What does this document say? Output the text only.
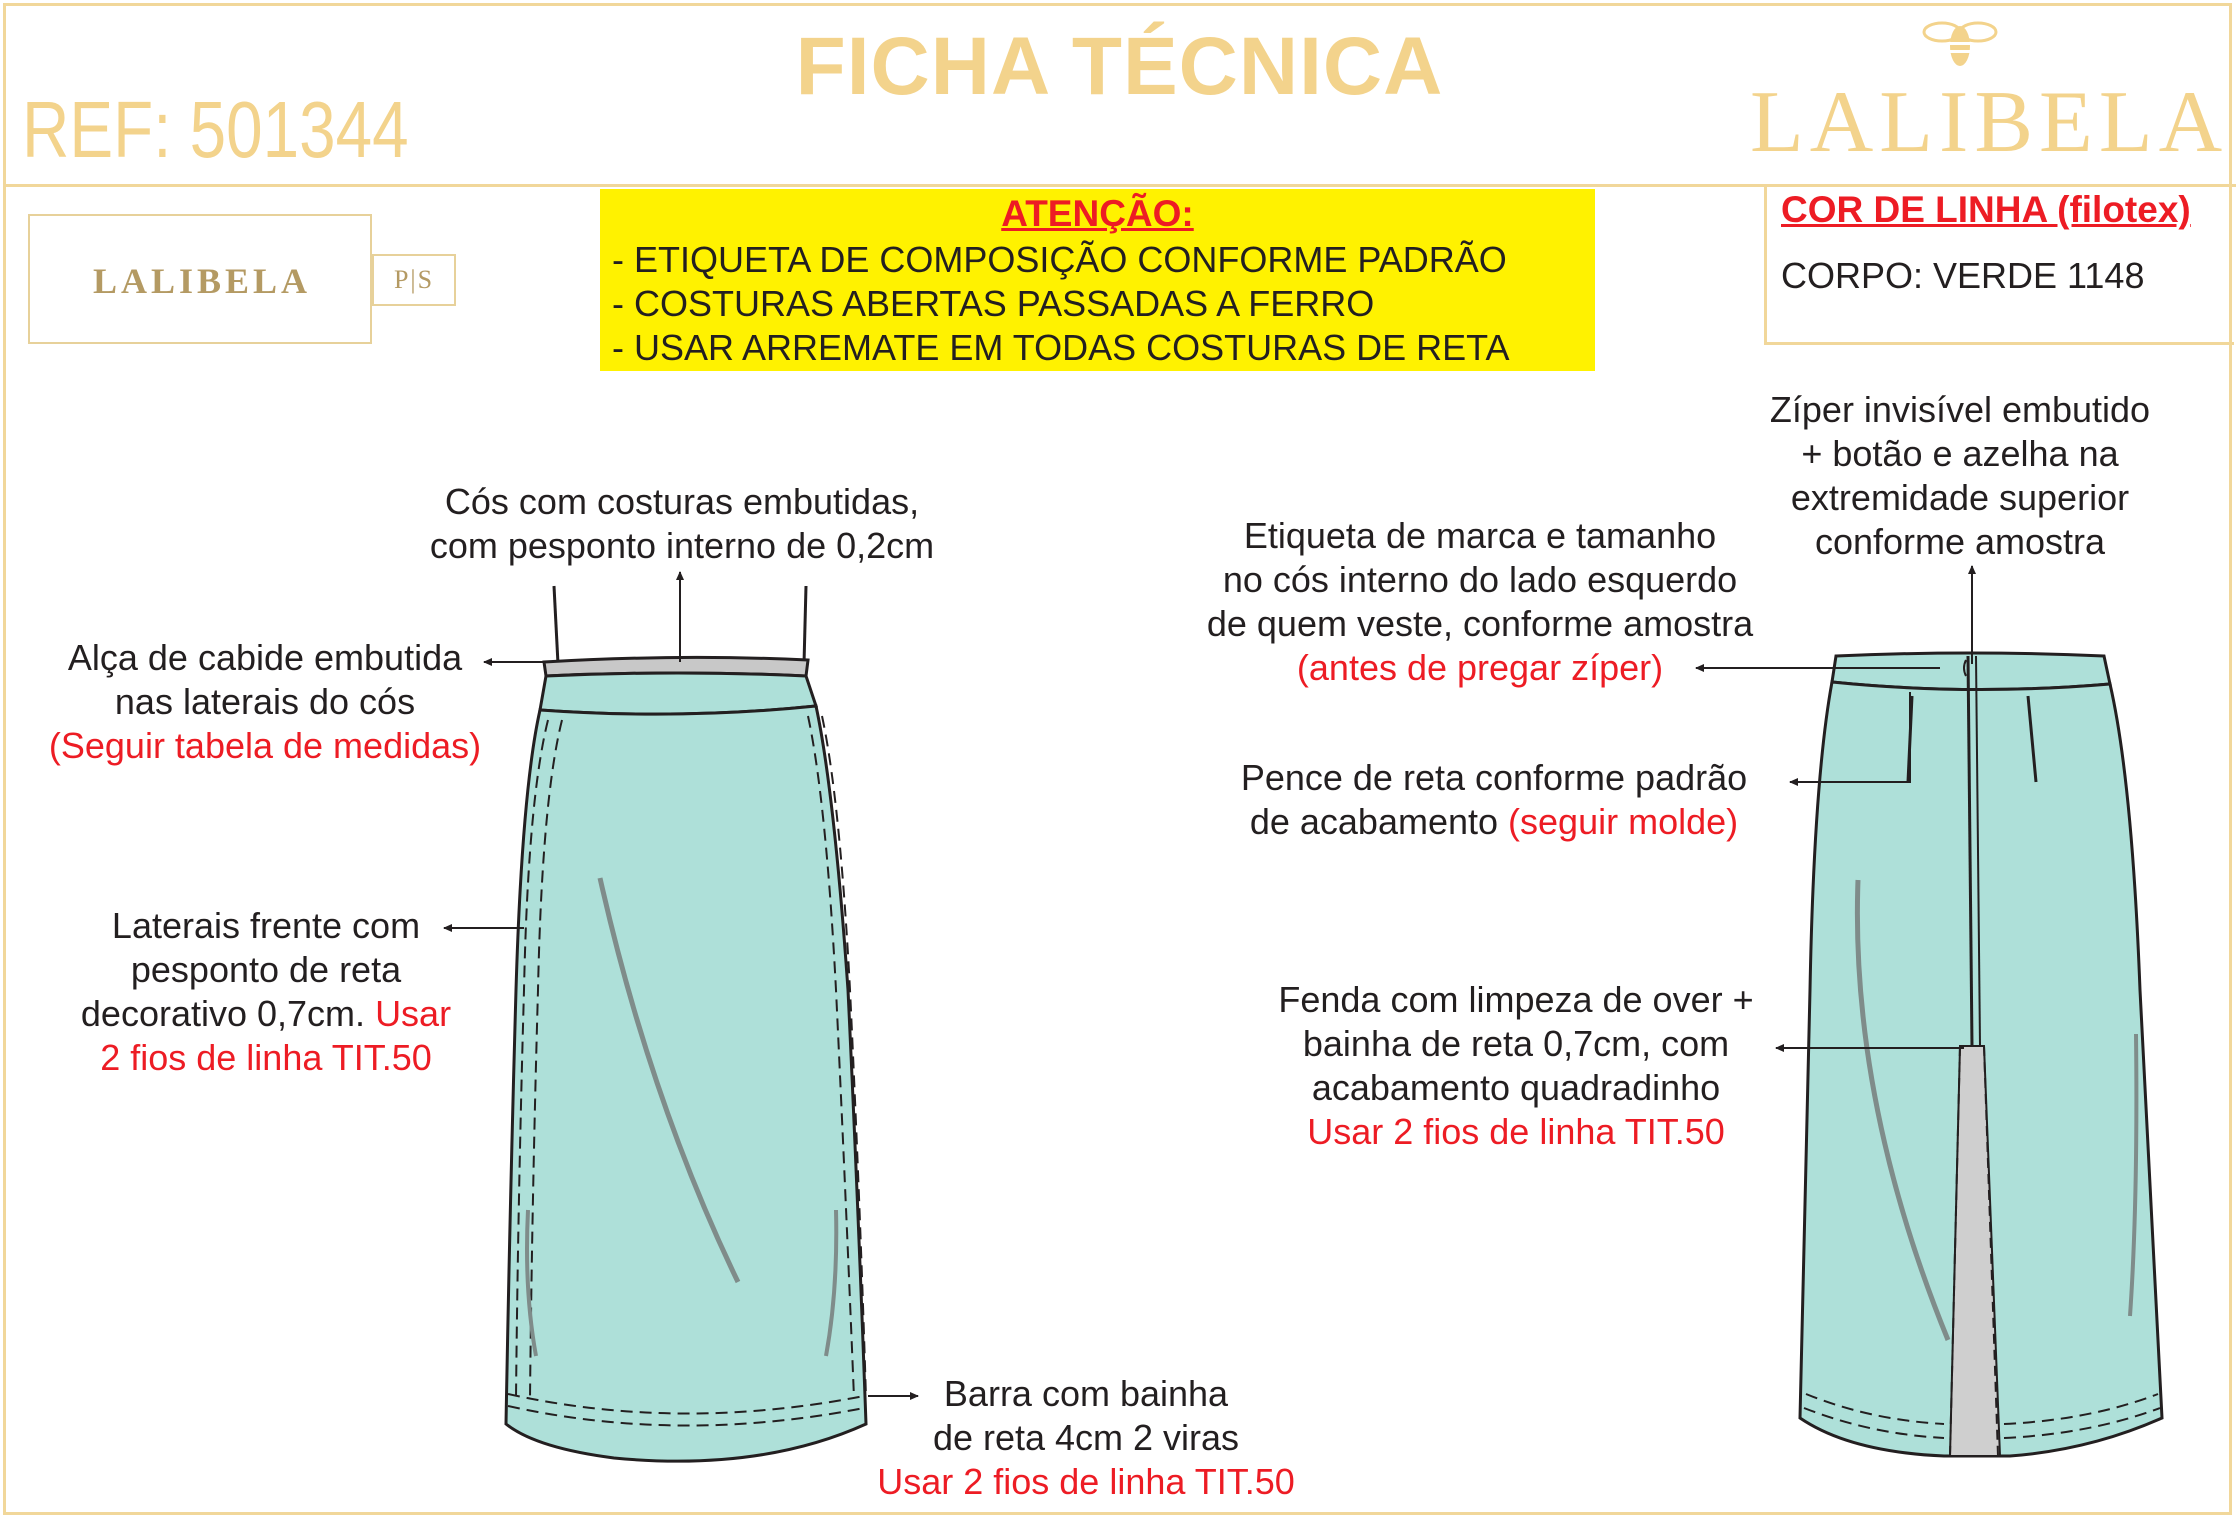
FICHA TÉCNICA
REF: 501344	LALIBELA
LALIBELA	P|S
ATENÇÃO:
- ETIQUETA DE COMPOSIÇÃO CONFORME PADRÃO
- COSTURAS ABERTAS PASSADAS A FERRO
- USAR ARREMATE EM TODAS COSTURAS DE RETA
COR DE LINHA (filotex)
CORPO: VERDE 1148
Cós com costuras embutidas,
com pesponto interno de 0,2cm
Alça de cabide embutida
nas laterais do cós
(Seguir tabela de medidas)
Laterais frente com
pesponto de reta
decorativo 0,7cm. Usar
2 fios de linha TIT.50
Barra com bainha
de reta 4cm 2 viras
Usar 2 fios de linha TIT.50
Zíper invisível embutido
+ botão e azelha na
extremidade superior
conforme amostra
Etiqueta de marca e tamanho
no cós interno do lado esquerdo
de quem veste, conforme amostra
(antes de pregar zíper)
Pence de reta conforme padrão
de acabamento (seguir molde)
Fenda com limpeza de over +
bainha de reta 0,7cm, com
acabamento quadradinho
Usar 2 fios de linha TIT.50
